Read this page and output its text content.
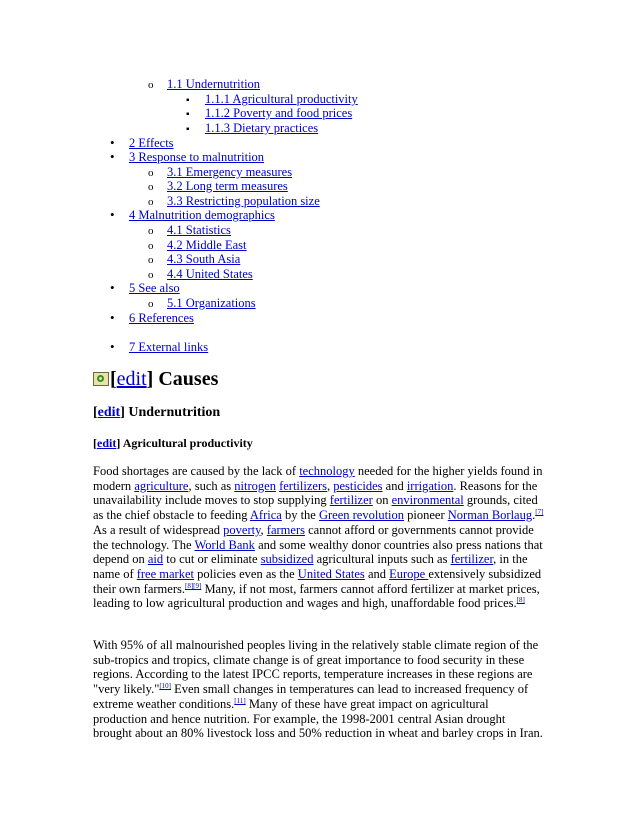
o1.1 Undernutrition
▪1.1.1 Agricultural productivity
▪1.1.2 Poverty and food prices
▪1.1.3 Dietary practices
•2 Effects
•3 Response to malnutrition
o3.1 Emergency measures
o3.2 Long term measures
o3.3 Restricting population size
•4 Malnutrition demographics
o4.1 Statistics
o4.2 Middle East
o4.3 South Asia
o4.4 United States
•5 See also
o5.1 Organizations
•6 References
•7 External links
[edit] Causes
[edit] Undernutrition
[edit] Agricultural productivity
Food shortages are caused by the lack of technology needed for the higher yields found in modern agriculture, such as nitrogen fertilizers, pesticides and irrigation. Reasons for the unavailability include moves to stop supplying fertilizer on environmental grounds, cited as the chief obstacle to feeding Africa by the Green revolution pioneer Norman Borlaug.[7] As a result of widespread poverty, farmers cannot afford or governments cannot provide the technology. The World Bank and some wealthy donor countries also press nations that depend on aid to cut or eliminate subsidized agricultural inputs such as fertilizer, in the name of free market policies even as the United States and Europe extensively subsidized their own farmers.[8][9] Many, if not most, farmers cannot afford fertilizer at market prices, leading to low agricultural production and wages and high, unaffordable food prices.[8]
With 95% of all malnourished peoples living in the relatively stable climate region of the sub-tropics and tropics, climate change is of great importance to food security in these regions. According to the latest IPCC reports, temperature increases in these regions are "very likely."[10] Even small changes in temperatures can lead to increased frequency of extreme weather conditions.[11] Many of these have great impact on agricultural production and hence nutrition. For example, the 1998-2001 central Asian drought brought about an 80% livestock loss and 50% reduction in wheat and barley crops in Iran.
